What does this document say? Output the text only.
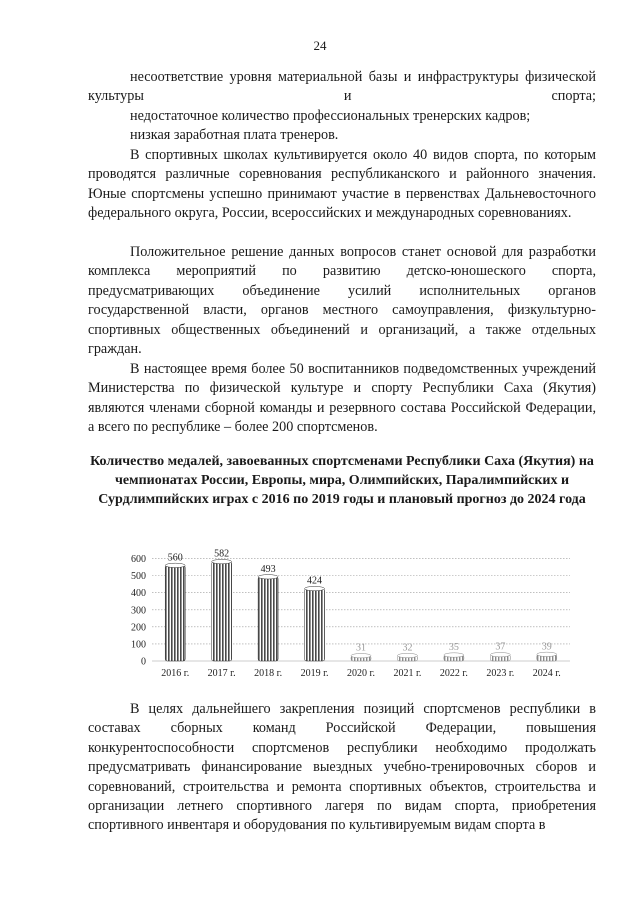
24

несоответствие уровня материальной базы и инфраструктуры физической культуры и спорта;

недостаточное количество профессиональных тренерских кадров;

низкая заработная плата тренеров.

В спортивных школах культивируется около 40 видов спорта, по которым проводятся различные соревнования республиканского и районного значения. Юные спортсмены успешно принимают участие в первенствах Дальневосточного федерального округа, России, всероссийских и международных соревнованиях.

Положительное решение данных вопросов станет основой для разработки комплекса мероприятий по развитию детско-юношеского спорта, предусматривающих объединение усилий исполнительных органов государственной власти, органов местного самоуправления, физкультурно-спортивных общественных объединений и организаций, а также отдельных граждан.

В настоящее время более 50 воспитанников подведомственных учреждений Министерства по физической культуре и спорту Республики Саха (Якутия) являются членами сборной команды и резервного состава Российской Федерации, а всего по республике – более 200 спортсменов.

Количество медалей, завоеванных спортсменами Республики Саха (Якутия) на чемпионатах России, Европы, мира, Олимпийских, Паралимпийских и Сурдлимпийских играх с 2016 по 2019 годы и плановый прогноз до 2024 года

0
100
200
300
400
500
600 560	582
493
424
31	32	35	37	39
2016 г. 2017 г. 2018 г. 2019 г. 2020 г. 2021 г. 2022 г. 2023 г. 2024 г.

В целях дальнейшего закрепления позиций спортсменов республики в составах сборных команд Российской Федерации, повышения конкурентоспособности спортсменов республики необходимо продолжать предусматривать финансирование выездных учебно-тренировочных сборов и соревнований, строительства и ремонта спортивных объектов, строительства и организации летнего спортивного лагеря по видам спорта, приобретения спортивного инвентаря и оборудования по культивируемым видам спорта в
